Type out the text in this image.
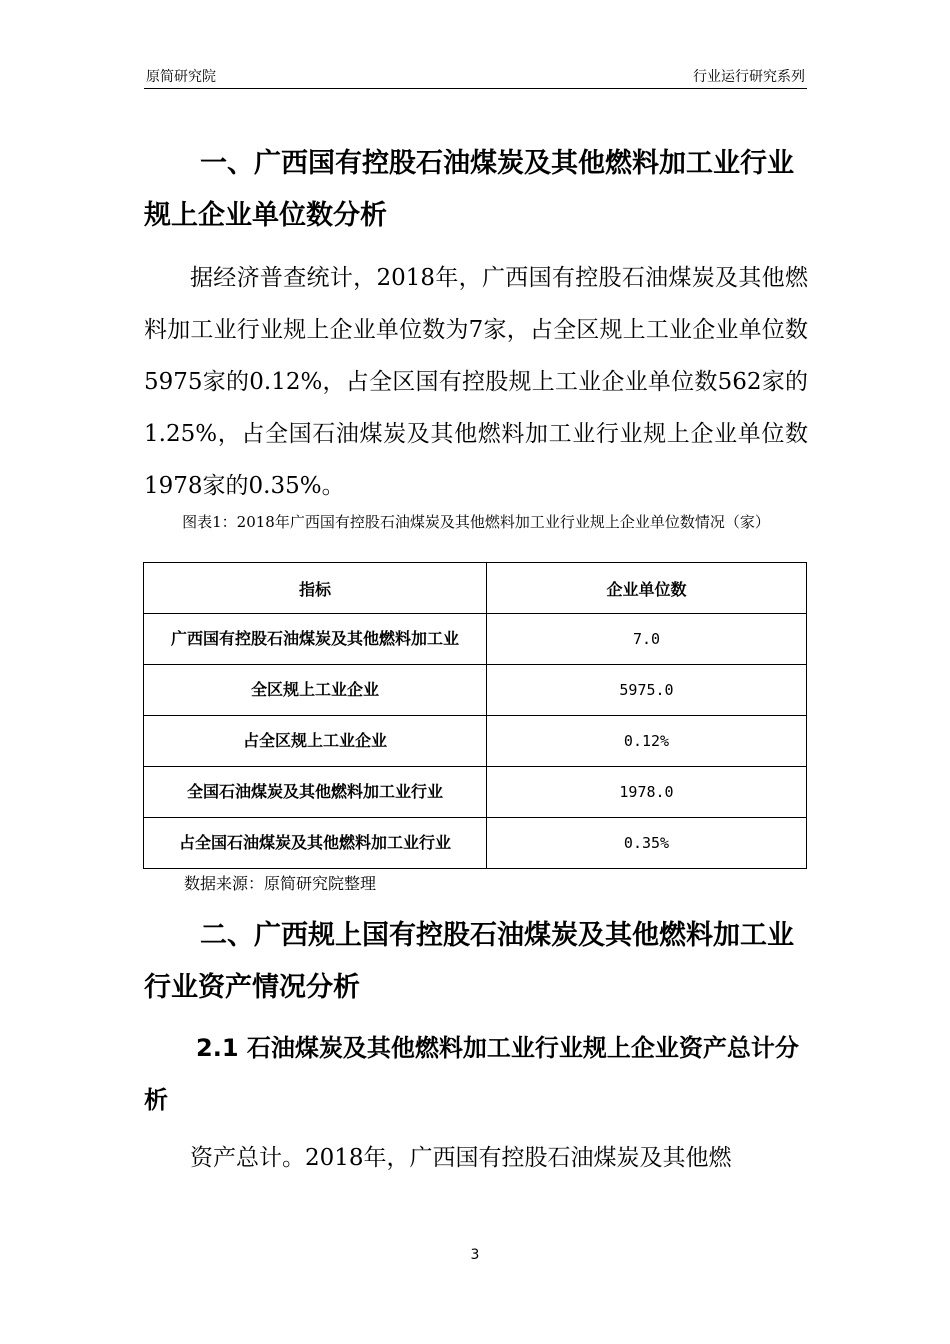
原简研究院	行业运行研究系列
一、广西国有控股石油煤炭及其他燃料加工业行业规上企业单位数分析

据经济普查统计，2018年，广西国有控股石油煤炭及其他燃料加工业行业规上企业单位数为7家，占全区规上工业企业单位数5975家的0.12%，占全区国有控股规上工业企业单位数562家的1.25%，占全国石油煤炭及其他燃料加工业行业规上企业单位数1978家的0.35%。

图表1：2018年广西国有控股石油煤炭及其他燃料加工业行业规上企业单位数情况（家）
指标	企业单位数
广西国有控股石油煤炭及其他燃料加工业	7.0
全区规上工业企业	5975.0
占全区规上工业企业	0.12%
全国石油煤炭及其他燃料加工业行业	1978.0
占全国石油煤炭及其他燃料加工业行业	0.35%
数据来源：原简研究院整理
二、广西规上国有控股石油煤炭及其他燃料加工业行业资产情况分析
2.1 石油煤炭及其他燃料加工业行业规上企业资产总计分析

资产总计。2018年，广西国有控股石油煤炭及其他燃

3
